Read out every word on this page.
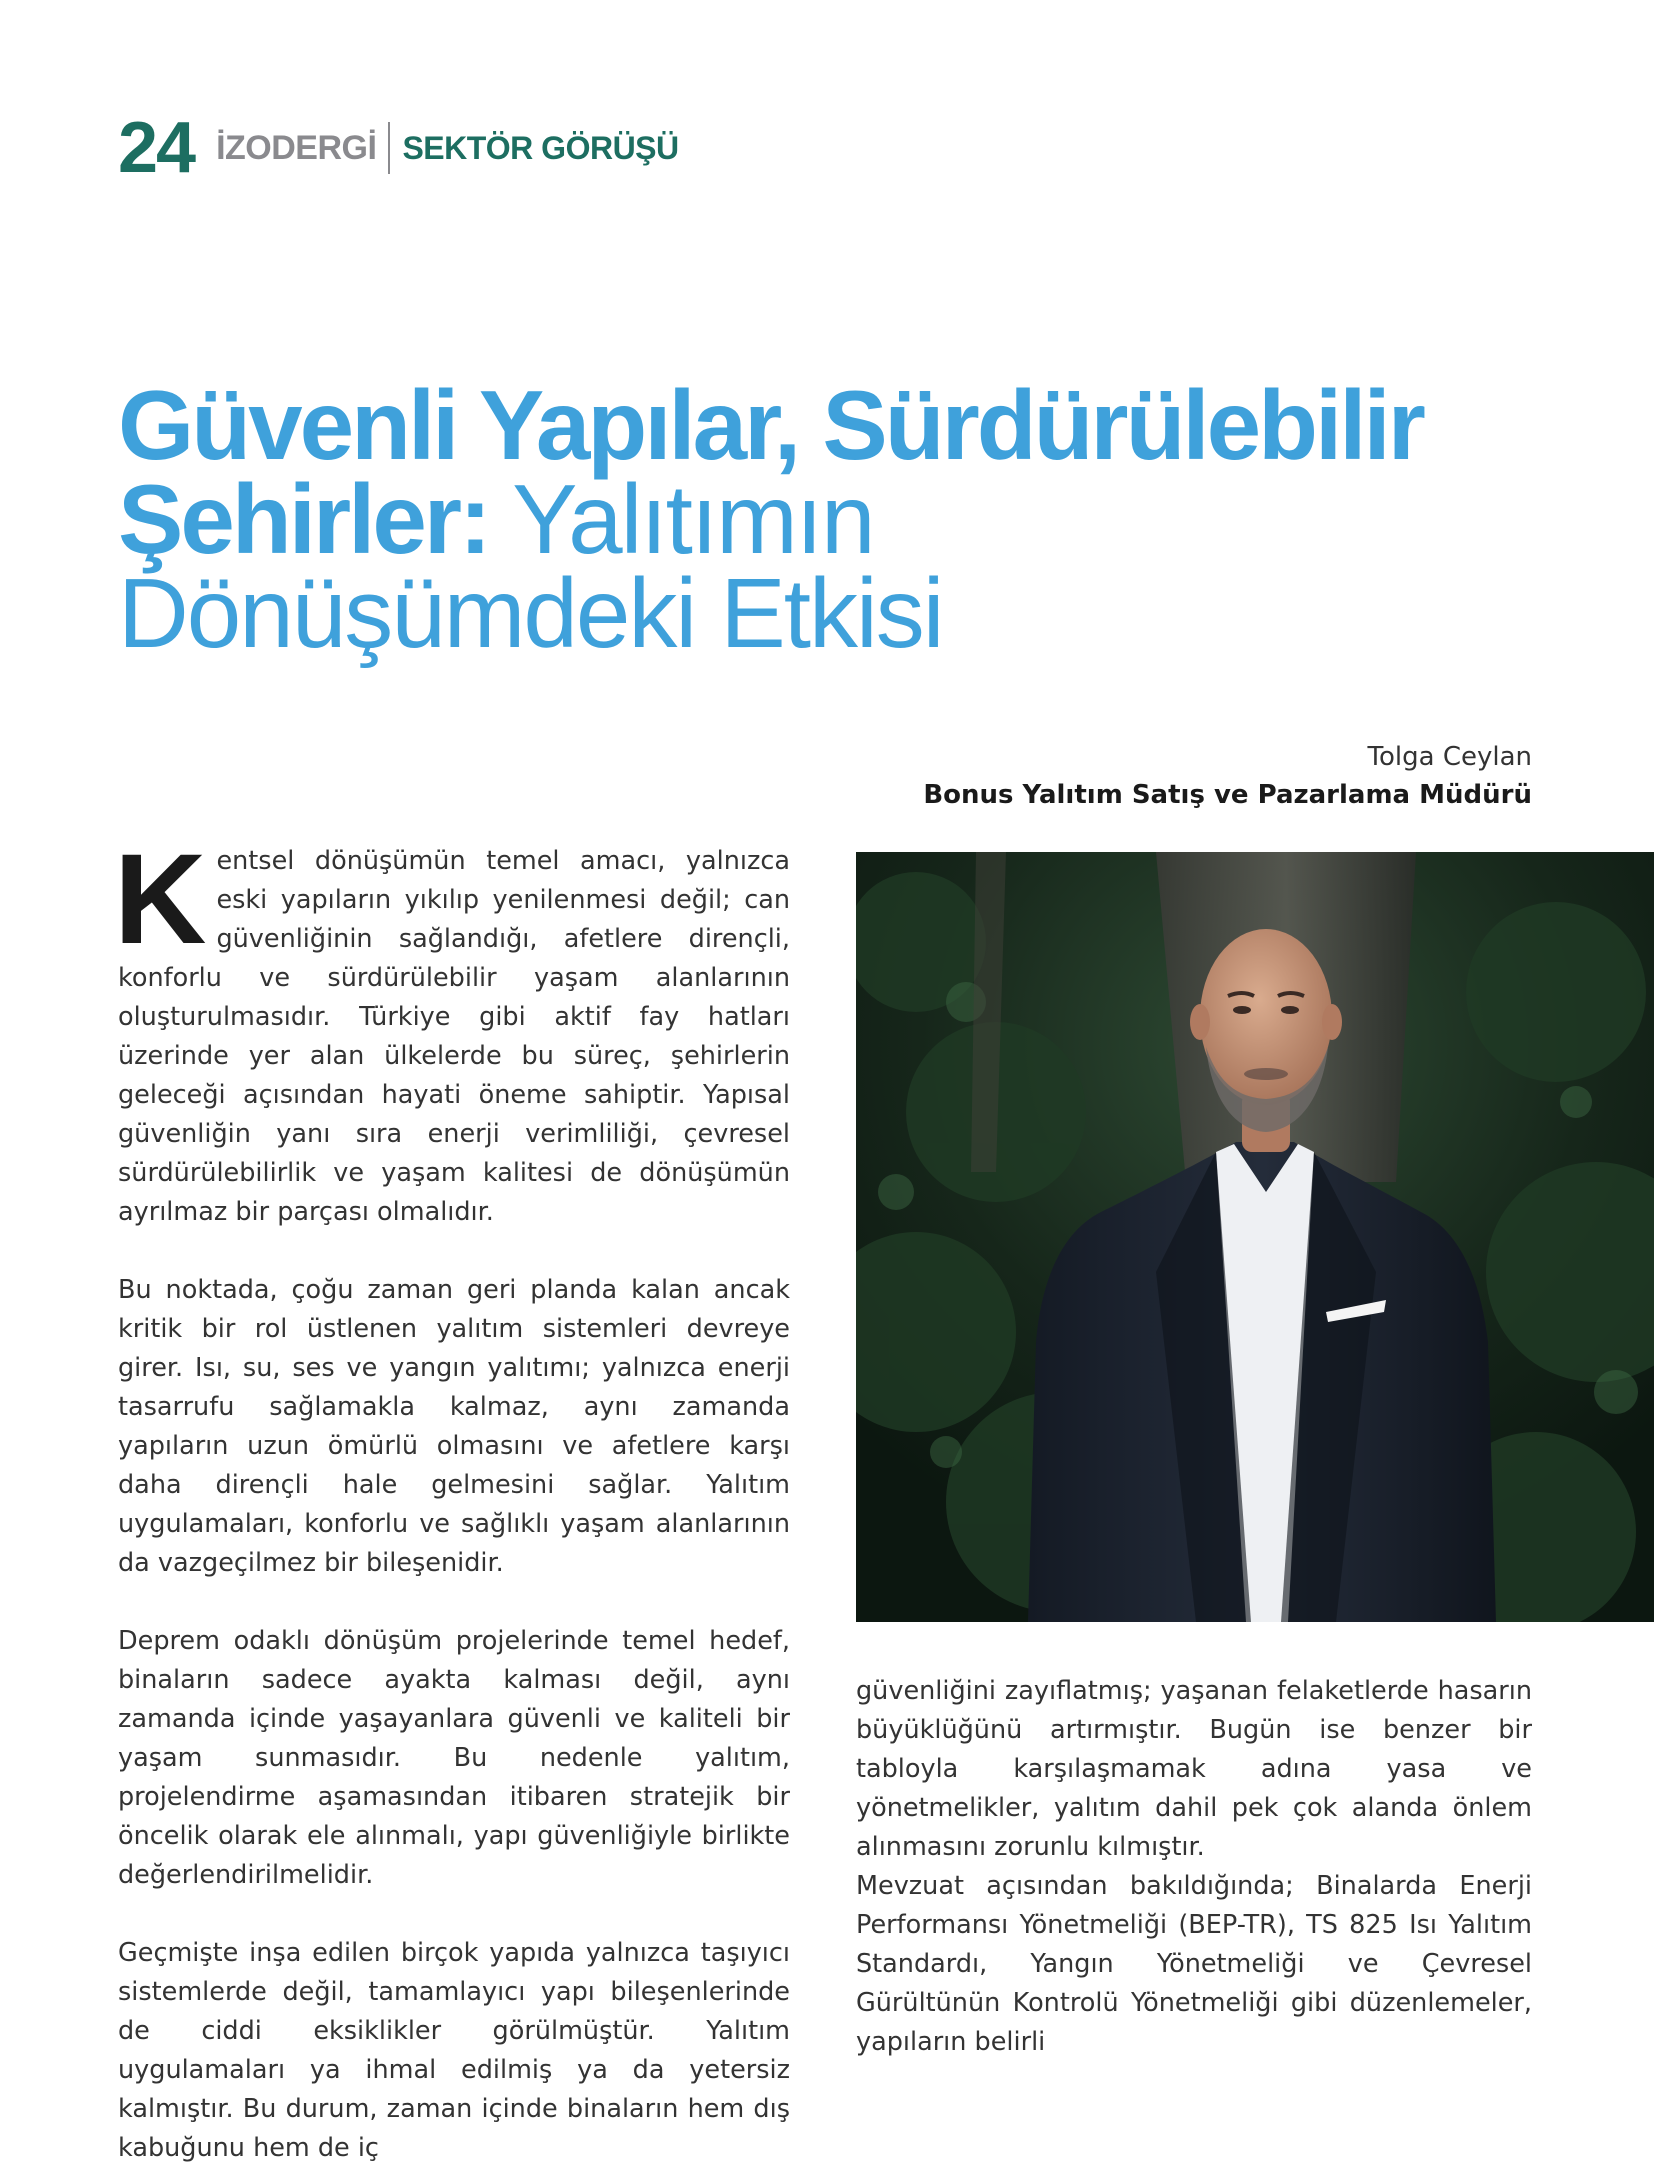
24 İZODERGİ SEKTÖR GÖRÜŞÜ
Güvenli Yapılar, Sürdürülebilir
Şehirler: Yalıtımın
Dönüşümdeki Etkisi
Tolga Ceylan
Bonus Yalıtım Satış ve Pazarlama Müdürü

Kentsel dönüşümün temel amacı, yalnızca eski yapıların yıkılıp yenilenmesi değil; can güvenliğinin sağlandığı, afetlere dirençli, konforlu ve sürdürülebilir yaşam alanlarının oluşturulmasıdır. Türkiye gibi aktif fay hatları üzerinde yer alan ülkelerde bu süreç, şehirlerin geleceği açısından hayati öneme sahiptir. Yapısal güvenliğin yanı sıra enerji verimliliği, çevresel sürdürülebilirlik ve yaşam kalitesi de dönüşümün ayrılmaz bir parçası olmalıdır.

Bu noktada, çoğu zaman geri planda kalan ancak kritik bir rol üstlenen yalıtım sistemleri devreye girer. Isı, su, ses ve yangın yalıtımı; yalnızca enerji tasarrufu sağlamakla kalmaz, aynı zamanda yapıların uzun ömürlü olmasını ve afetlere karşı daha dirençli hale gelmesini sağlar. Yalıtım uygulamaları, konforlu ve sağlıklı yaşam alanlarının da vazgeçilmez bir bileşenidir.

Deprem odaklı dönüşüm projelerinde temel hedef, binaların sadece ayakta kalması değil, aynı zamanda içinde yaşayanlara güvenli ve kaliteli bir yaşam sunmasıdır. Bu nedenle yalıtım, projelendirme aşamasından itibaren stratejik bir öncelik olarak ele alınmalı, yapı güvenliğiyle birlikte değerlendirilmelidir.

Geçmişte inşa edilen birçok yapıda yalnızca taşıyıcı sistemlerde değil, tamamlayıcı yapı bileşenlerinde de ciddi eksiklikler görülmüştür. Yalıtım uygulamaları ya ihmal edilmiş ya da yetersiz kalmıştır. Bu durum, zaman içinde binaların hem dış kabuğunu hem de iç

güvenliğini zayıflatmış; yaşanan felaketlerde hasarın büyüklüğünü artırmıştır. Bugün ise benzer bir tabloyla karşılaşmamak adına yasa ve yönetmelikler, yalıtım dahil pek çok alanda önlem alınmasını zorunlu kılmıştır.

Mevzuat açısından bakıldığında; Binalarda Enerji Performansı Yönetmeliği (BEP-TR), TS 825 Isı Yalıtım Standardı, Yangın Yönetmeliği ve Çevresel Gürültünün Kontrolü Yönetmeliği gibi düzenlemeler, yapıların belirli
